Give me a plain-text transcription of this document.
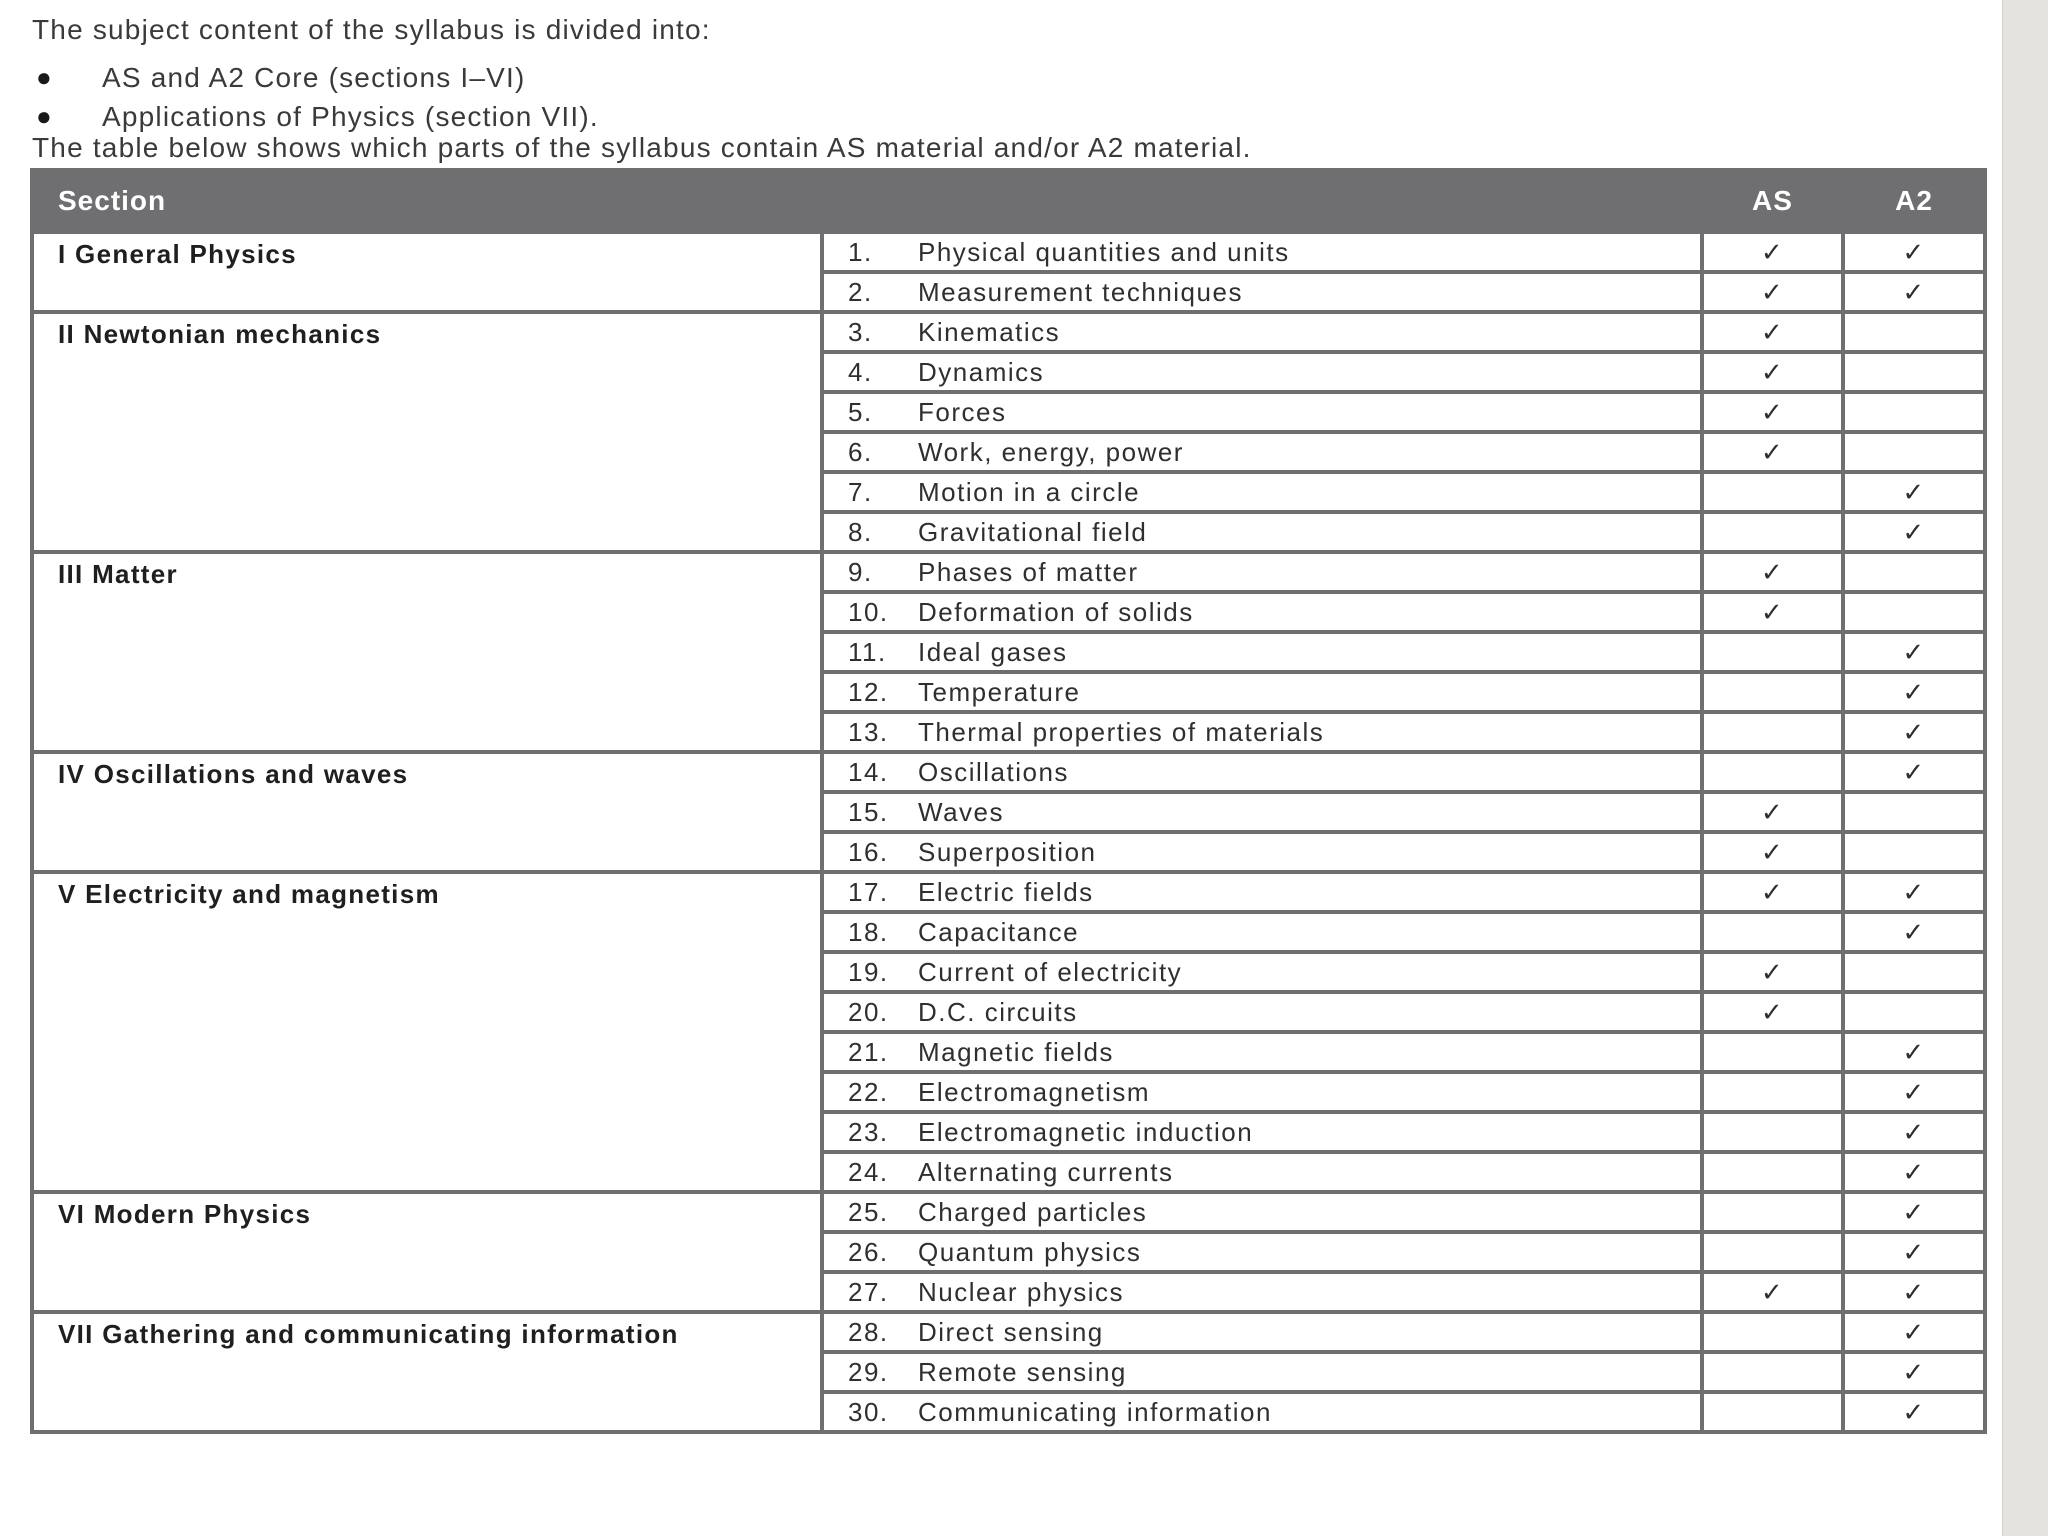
The subject content of the syllabus is divided into:
● AS and A2 Core (sections I–VI)
● Applications of Physics (section VII).
The table below shows which parts of the syllabus contain AS material and/or A2 material.
Section		AS	A2
I General Physics	1. Physical quantities and units	✓	✓
	2. Measurement techniques	✓	✓
II Newtonian mechanics	3. Kinematics	✓	
	4. Dynamics	✓	
	5. Forces	✓	
	6. Work, energy, power	✓	
	7. Motion in a circle		✓
	8. Gravitational field		✓
III Matter	9. Phases of matter	✓	
	10. Deformation of solids	✓	
	11. Ideal gases		✓
	12. Temperature		✓
	13. Thermal properties of materials		✓
IV Oscillations and waves	14. Oscillations		✓
	15. Waves	✓	
	16. Superposition	✓	
V Electricity and magnetism	17. Electric fields	✓	✓
	18. Capacitance		✓
	19. Current of electricity	✓	
	20. D.C. circuits	✓	
	21. Magnetic fields		✓
	22. Electromagnetism		✓
	23. Electromagnetic induction		✓
	24. Alternating currents		✓
VI Modern Physics	25. Charged particles		✓
	26. Quantum physics		✓
	27. Nuclear physics	✓	✓
VII Gathering and communicating information	28. Direct sensing		✓
	29. Remote sensing		✓
	30. Communicating information		✓
